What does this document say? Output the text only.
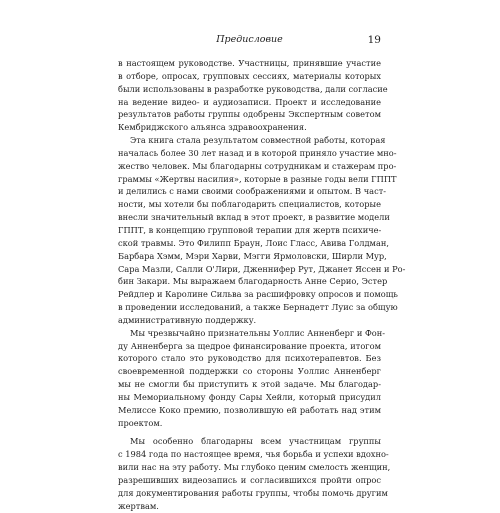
Предисловие	19
в настоящем руководстве. Участницы, принявшие участие
в отборе, опросах, групповых сессиях, материалы которых
были использованы в разработке руководства, дали согласие
на ведение видео- и аудиозаписи. Проект и исследование
результатов работы группы одобрены Экспертным советом
Кембриджского альянса здравоохранения.
Эта книга стала результатом совместной работы, которая
началась более 30 лет назад и в которой приняло участие мно-
жество человек. Мы благодарны сотрудникам и стажерам про-
граммы «Жертвы насилия», которые в разные годы вели ГППТ
и делились с нами своими соображениями и опытом. В част-
ности, мы хотели бы поблагодарить специалистов, которые
внесли значительный вклад в этот проект, в развитие модели
ГППТ, в концепцию групповой терапии для жертв психиче-
ской травмы. Это Филипп Браун, Лоис Гласс, Авива Голдман,
Барбара Хэмм, Мэри Харви, Мэгги Ярмоловски, Ширли Мур,
Сара Мазли, Салли О'Лири, Дженнифер Рут, Джанет Яссен и Ро-
бин Закари. Мы выражаем благодарность Анне Серио, Эстер
Рейдлер и Каролине Сильва за расшифровку опросов и помощь
в проведении исследований, а также Бернадетт Луис за общую
административную поддержку.
Мы чрезвычайно признательны Уоллис Анненберг и Фон-
ду Анненберга за щедрое финансирование проекта, итогом
которого стало это руководство для психотерапевтов. Без
своевременной поддержки со стороны Уоллис Анненберг
мы не смогли бы приступить к этой задаче. Мы благодар-
ны Мемориальному фонду Сары Хейли, который присудил
Мелиссе Коко премию, позволившую ей работать над этим
проектом.
Мы особенно благодарны всем участницам группы
с 1984 года по настоящее время, чья борьба и успехи вдохно-
вили нас на эту работу. Мы глубоко ценим смелость женщин,
разрешивших видеозапись и согласившихся пройти опрос
для документирования работы группы, чтобы помочь другим
жертвам.
